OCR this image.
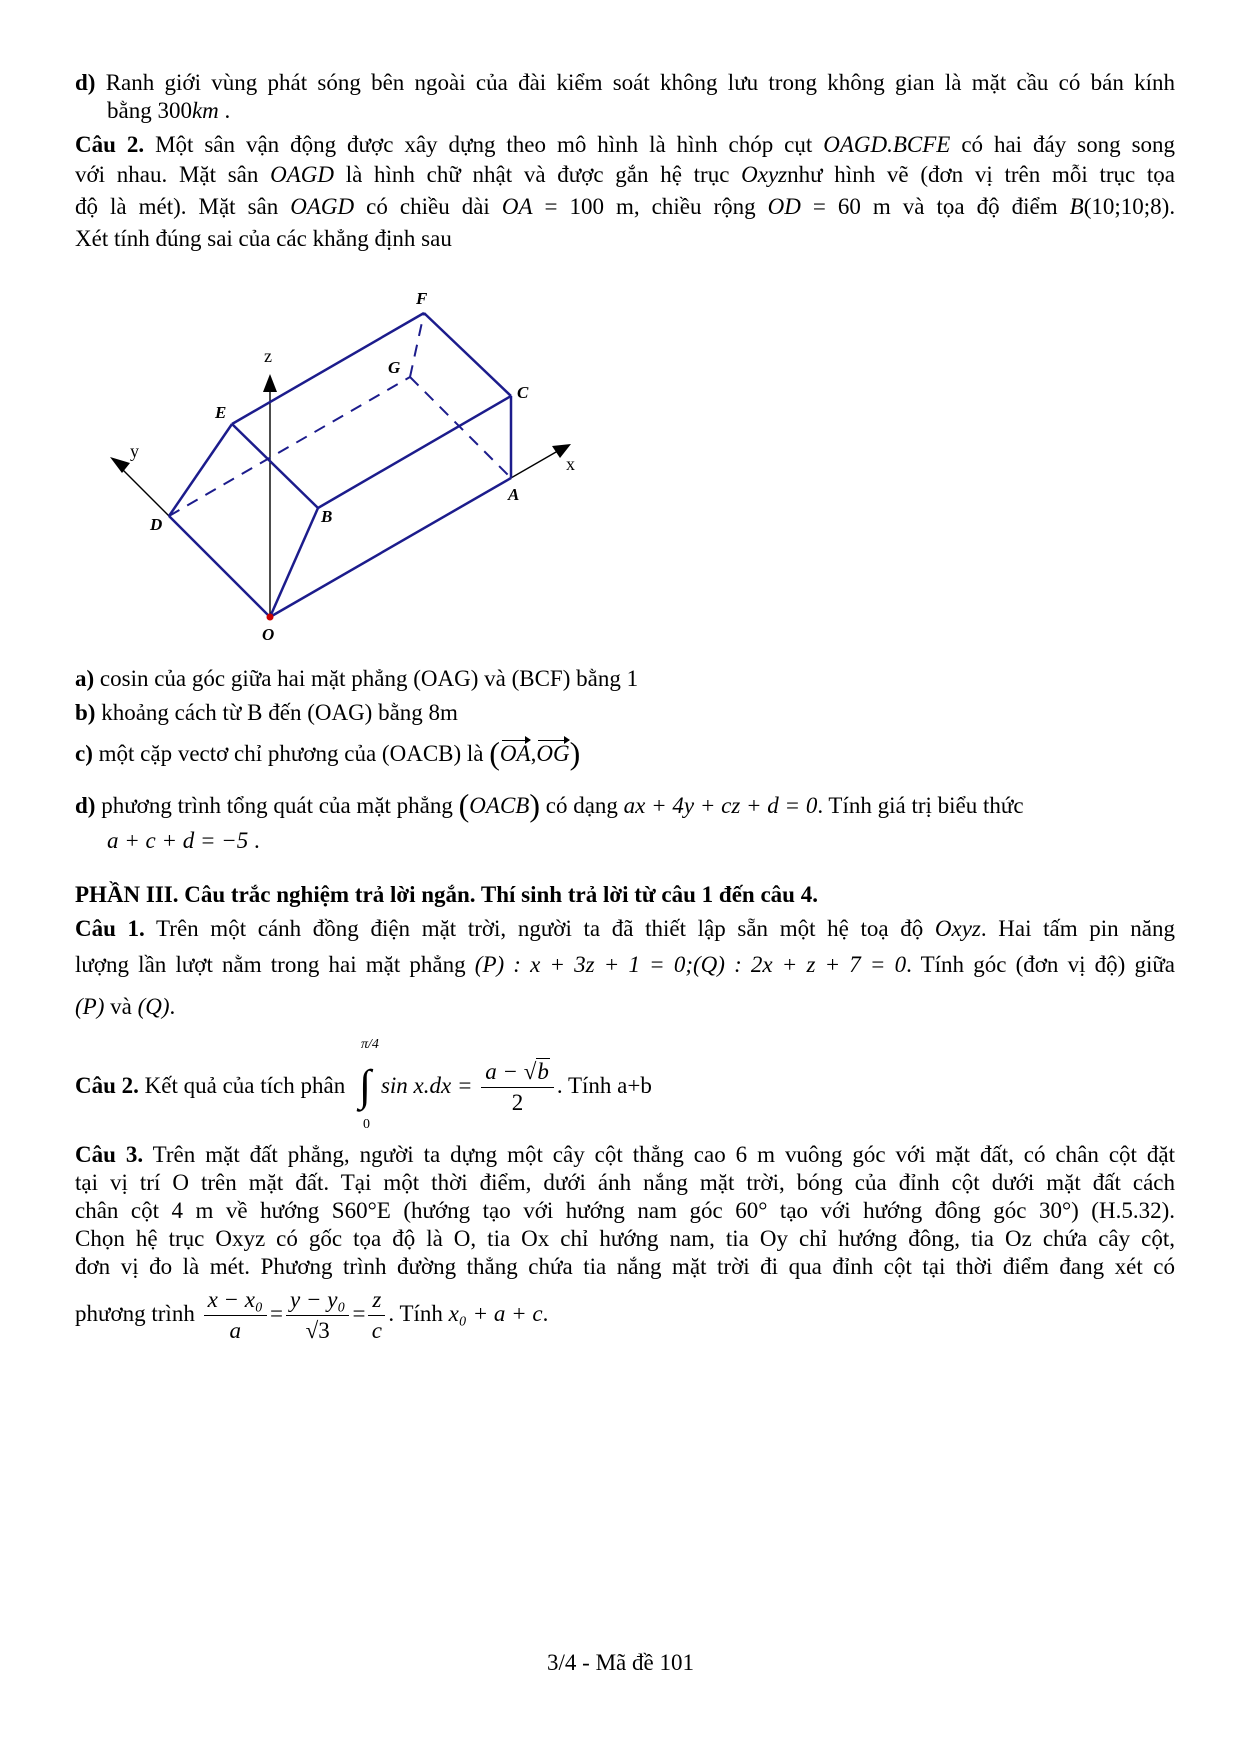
d) Ranh giới vùng phát sóng bên ngoài của đài kiểm soát không lưu trong không gian là mặt cầu có bán kính
bằng 300km .
Câu 2. Một sân vận động được xây dựng theo mô hình là hình chóp cụt OAGD.BCFE có hai đáy song song
với nhau. Mặt sân OAGD là hình chữ nhật và được gắn hệ trục Oxyznhư hình vẽ (đơn vị trên mỗi trục tọa
độ là mét). Mặt sân OAGD có chiều dài OA = 100 m, chiều rộng OD = 60 m và tọa độ điểm B(10;10;8).
Xét tính đúng sai của các khẳng định sau
F
G
C
E
A
B
D
O
x
y
z
a) cosin của góc giữa hai mặt phẳng (OAG) và (BCF) bằng 1
b) khoảng cách từ B đến (OAG) bằng 8m
c) một cặp vectơ chỉ phương của (OACB) là (OA,OG)
d) phương trình tổng quát của mặt phẳng (OACB) có dạng ax + 4y + cz + d = 0. Tính giá trị biểu thức
a + c + d = −5 .
PHẦN III. Câu trắc nghiệm trả lời ngắn. Thí sinh trả lời từ câu 1 đến câu 4.
Câu 1. Trên một cánh đồng điện mặt trời, người ta đã thiết lập sẵn một hệ toạ độ Oxyz. Hai tấm pin năng
lượng lần lượt nằm trong hai mặt phẳng (P) : x + 3z + 1 = 0;(Q) : 2x + z + 7 = 0. Tính góc (đơn vị độ) giữa
(P) và (Q).
Câu 2. Kết quả của tích phân
π/4
∫
0
$\sin x.dx = \frac{a - √b}{2}$ . Tính a+b
Câu 3. Trên mặt đất phẳng, người ta dựng một cây cột thẳng cao 6 m vuông góc với mặt đất, có chân cột đặt
tại vị trí O trên mặt đất. Tại một thời điểm, dưới ánh nắng mặt trời, bóng của đỉnh cột dưới mặt đất cách
chân cột 4 m về hướng S60°E (hướng tạo với hướng nam góc 60° tạo với hướng đông góc 30°) (H.5.32).
Chọn hệ trục Oxyz có gốc tọa độ là O, tia Ox chỉ hướng nam, tia Oy chỉ hướng đông, tia Oz chứa cây cột,
đơn vị đo là mét. Phương trình đường thẳng chứa tia nắng mặt trời đi qua đỉnh cột tại thời điểm đang xét có
phương trình $\frac{\text{x − x₀}}{a} = \frac{\text{y − y₀}}{√3} = \frac{z}{c}$ . Tính x₀ + a + c.
3/4 - Mã đề 101
